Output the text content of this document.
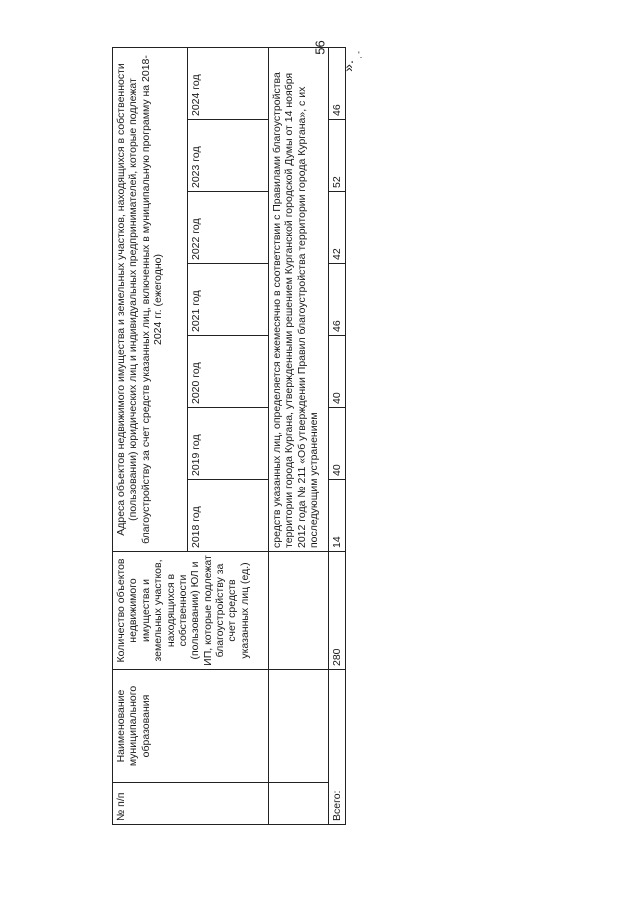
56
№ п/п	Наименование муниципального образования	Количество объектов недвижимого имущества и земельных участков, находящихся в собственности (пользовании) ЮЛ и ИП, которые подлежат благоустройству за счет средств указанных лиц (ед.)	Адреса объектов недвижимого имущества и земельных участков, находящихся в собственности (пользовании) юридических лиц и индивидуальных предпринимателей, которые подлежат благоустройству за счет средств указанных лиц, включенных в муниципальную программу на 2018-2024 гг. (ежегодно)						
			2018 год	2019 год	2020 год	2021 год	2022 год	2023 год	2024 год
			средств указанных лиц, определяется ежемесячно в соответствии с Правилами благоустройства территории города Кургана, утвержденными решением Курганской городской Думы от 14 ноября 2012 года № 211 «Об утверждении Правил благоустройства территории города Кургана», с их последующим устранением						
Всего:		280	14	40	40	46	42	52	46
».
'.
